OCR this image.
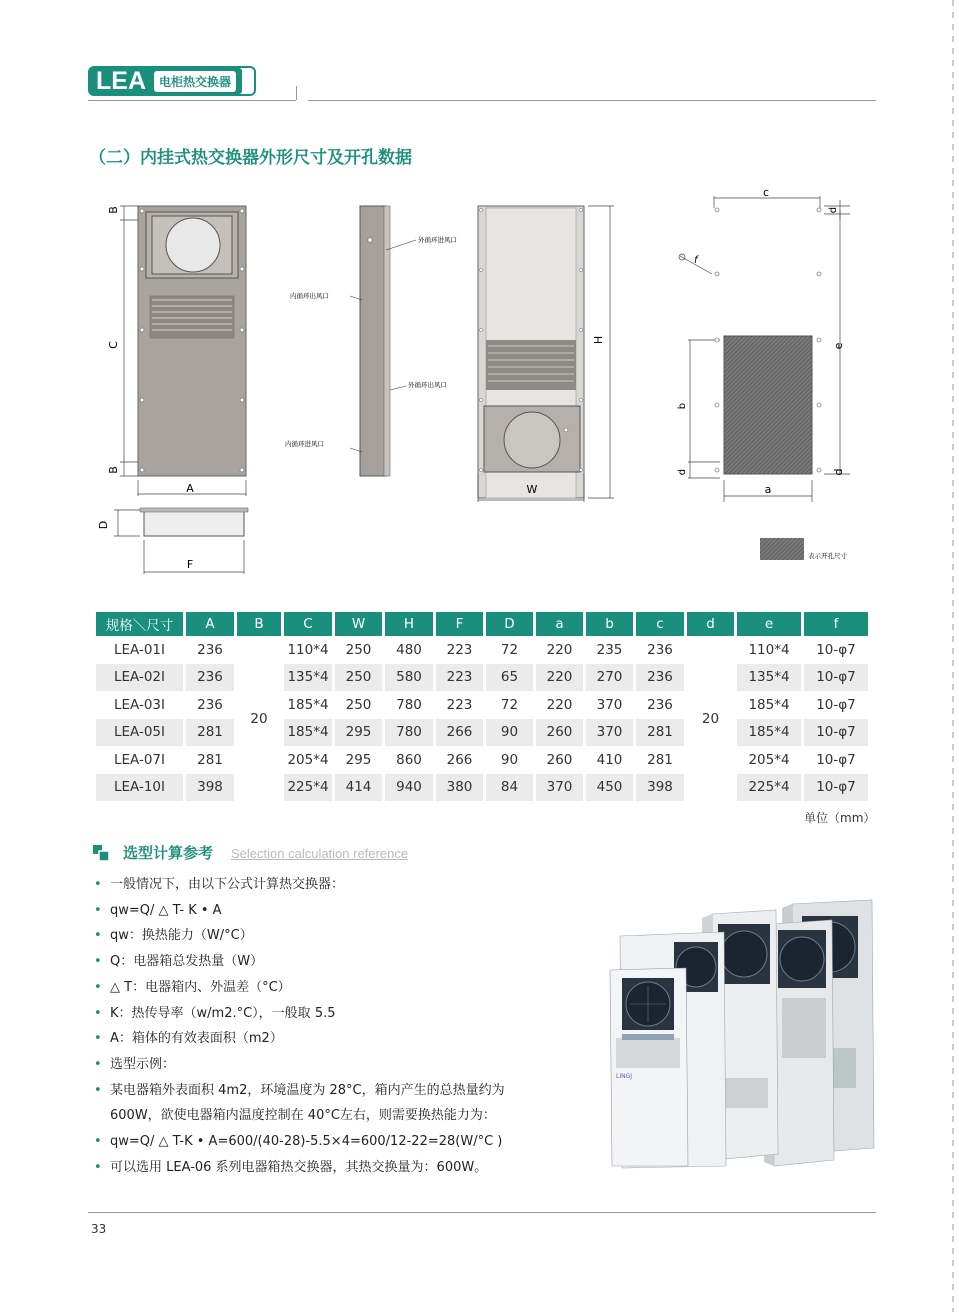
LEA	电柜热交换器
（二）内挂式热交换器外形尺寸及开孔数据
B
C
B
A
D
F
外循环进风口
内循环出风口
外循环出风口
内循环进风口
H
W
c
d
f
e
b
d	d
a
表示开孔尺寸
规格＼尺寸	A	B	C	W	H	F	D	a	b	c	d	e	f
LEA-01I	236	20	110*4	250	480	223	72	220	235	236	20	110*4	10-φ7
LEA-02I	236		135*4	250	580	223	65	220	270	236		135*4	10-φ7
LEA-03I	236		185*4	250	780	223	72	220	370	236		185*4	10-φ7
LEA-05I	281		185*4	295	780	266	90	260	370	281		185*4	10-φ7
LEA-07I	281		205*4	295	860	266	90	260	410	281		205*4	10-φ7
LEA-10I	398		225*4	414	940	380	84	370	450	398		225*4	10-φ7
单位（mm）
选型计算参考 Selection calculation reference
• 一般情况下，由以下公式计算热交换器：
• qw=Q/ △ T- K • A
• qw：换热能力（W/°C）
• Q：电器箱总发热量（W）
• △ T：电器箱内、外温差（°C）
• K：热传导率（w/m2.°C），一般取 5.5
• A：箱体的有效表面积（m2）
• 选型示例：
• 某电器箱外表面积 4m2，环境温度为 28°C，箱内产生的总热量约为
600W，欲使电器箱内温度控制在 40°C左右，则需要换热能力为：
• qw=Q/ △ T-K • A=600/(40-28)-5.5×4=600/12-22=28(W/°C )
• 可以选用 LEA-06 系列电器箱热交换器，其热交换量为：600W。
LINGJ
33
